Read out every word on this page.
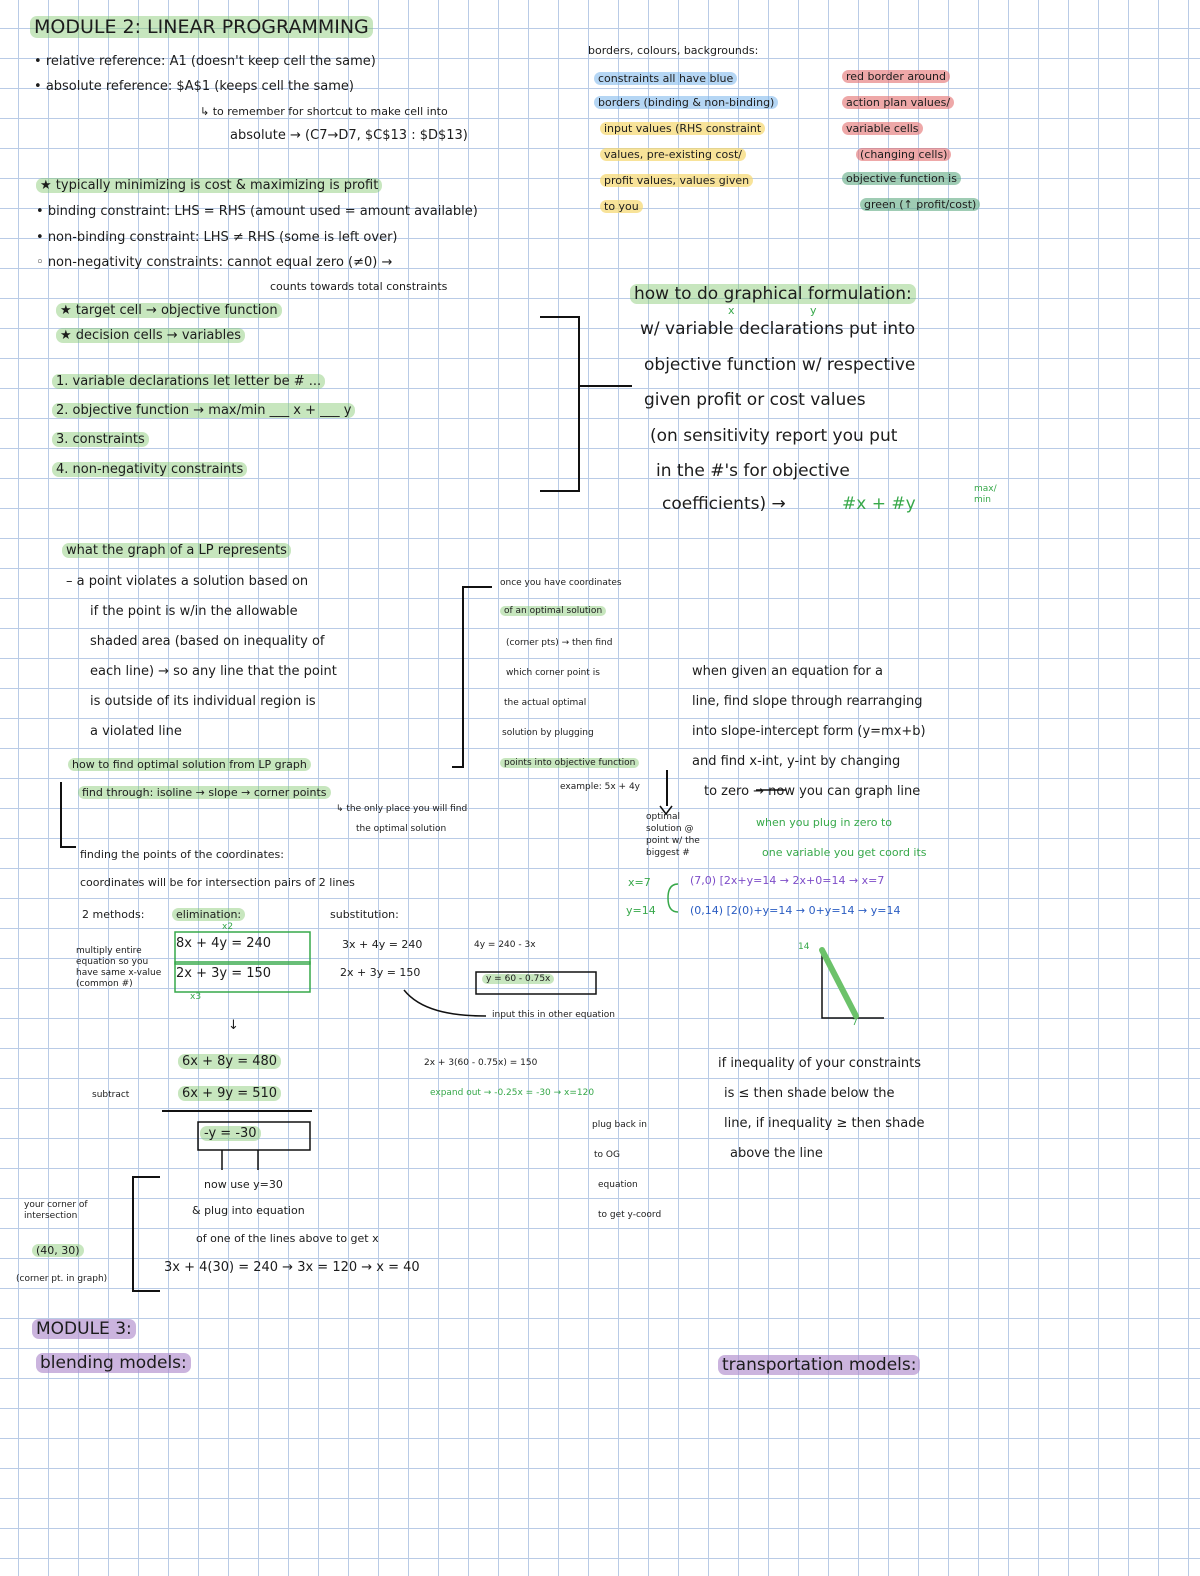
MODULE 2: LINEAR PROGRAMMING
• relative reference: A1 (doesn't keep cell the same)
• absolute reference: $A$1 (keeps cell the same)
↳ to remember for shortcut to make cell into
absolute → (C7→D7, $C$13 : $D$13)
★ typically minimizing is cost & maximizing is profit
• binding constraint: LHS = RHS (amount used = amount available)
• non-binding constraint: LHS ≠ RHS (some is left over)
◦ non-negativity constraints: cannot equal zero (≠0) →
counts towards total constraints
★ target cell → objective function
★ decision cells → variables
1. variable declarations let letter be # ...
2. objective function → max/min ___ x + ___ y
3. constraints
4. non-negativity constraints
borders, colours, backgrounds:
constraints all have blue
borders (binding & non-binding)
input values (RHS constraint
values, pre-existing cost/
profit values, values given
to you
red border around
action plan values/
variable cells
(changing cells)
objective function is
green (↑ profit/cost)
how to do graphical formulation:
x	y
w/ variable declarations put into
objective function w/ respective
given profit or cost values
(on sensitivity report you put
in the #'s for objective
coefficients) →	#x + #y
max/ min
what the graph of a LP represents
– a point violates a solution based on
if the point is w/in the allowable
shaded area (based on inequality of
each line) → so any line that the point
is outside of its individual region is
a violated line
how to find optimal solution from LP graph
find through: isoline → slope → corner points
↳ the only place you will find
the optimal solution
once you have coordinates
of an optimal solution
(corner pts) → then find
which corner point is
the actual optimal
solution by plugging
points into objective function
example: 5x + 4y
optimal
solution @
point w/ the
biggest #
when given an equation for a
line, find slope through rearranging
into slope-intercept form (y=mx+b)
and find x-int, y-int by changing
to zero → now you can graph line
when you plug in zero to
one variable you get coord its
x=7
y=14
(7,0) [2x+y=14 → 2x+0=14 → x=7
(0,14) [2(0)+y=14 → 0+y=14 → y=14
14
7
if inequality of your constraints
is ≤ then shade below the
line, if inequality ≥ then shade
above the line
finding the points of the coordinates:
coordinates will be for intersection pairs of 2 lines
2 methods:	elimination:	substitution:
x2
8x + 4y = 240
2x + 3y = 150
x3
multiply entire equation so you have same x-value (common #)
↓
6x + 8y = 480
6x + 9y = 510
subtract
-y = -30
now use y=30
& plug into equation
of one of the lines above to get x
3x + 4(30) = 240 → 3x = 120 → x = 40
your corner of intersection
(40, 30)
(corner pt. in graph)
3x + 4y = 240
2x + 3y = 150
4y = 240 - 3x
y = 60 - 0.75x
input this in other equation
2x + 3(60 - 0.75x) = 150
expand out → -0.25x = -30 → x=120
plug back in
to OG
equation
to get y-coord
MODULE 3:
blending models:	transportation models:
